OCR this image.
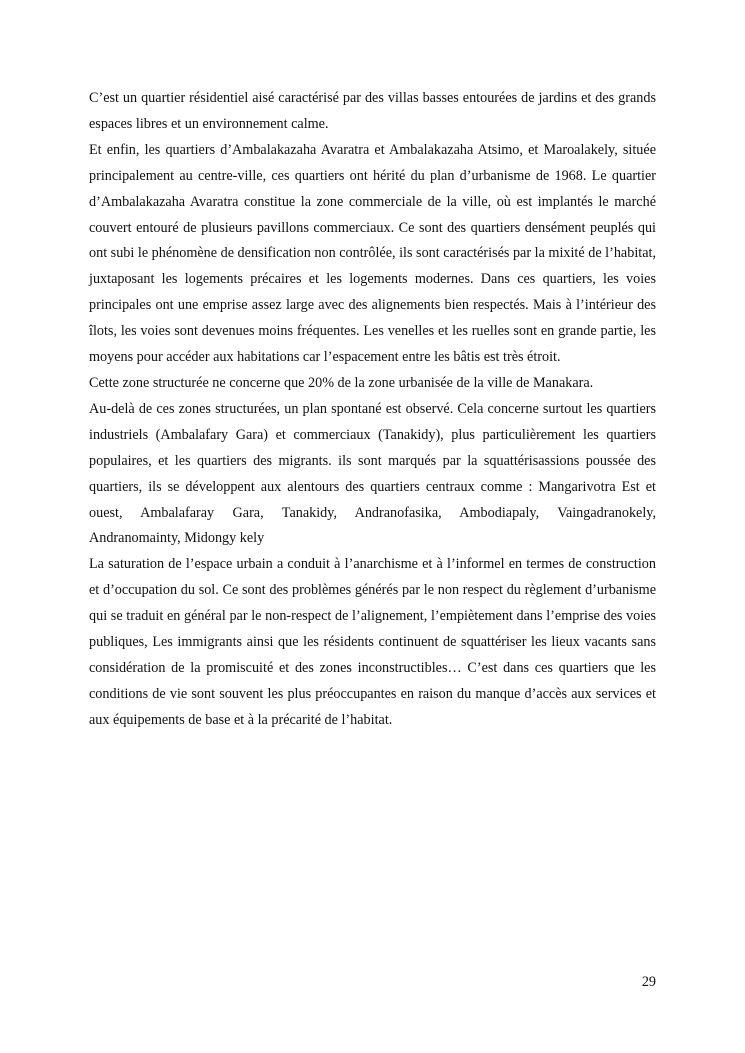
C’est un quartier résidentiel aisé caractérisé par des villas basses entourées de jardins et des grands espaces libres et un environnement calme.

Et enfin, les quartiers d’Ambalakazaha Avaratra et Ambalakazaha Atsimo, et Maroalakely, située principalement au centre-ville, ces quartiers ont hérité du plan d’urbanisme de 1968. Le quartier d’Ambalakazaha Avaratra constitue la zone commerciale de la ville, où est implantés le marché couvert entouré de plusieurs pavillons commerciaux. Ce sont des quartiers densément peuplés qui ont subi le phénomène de densification non contrôlée, ils sont caractérisés par la mixité de l’habitat, juxtaposant les logements précaires et les logements modernes. Dans ces quartiers, les voies principales ont une emprise assez large avec des alignements bien respectés. Mais à l’intérieur des îlots, les voies sont devenues moins fréquentes. Les venelles et les ruelles sont en grande partie, les moyens pour accéder aux habitations car l’espacement entre les bâtis est très étroit.

Cette zone structurée ne concerne que 20% de la zone urbanisée de la ville de Manakara.

Au-delà de ces zones structurées, un plan spontané est observé. Cela concerne surtout les quartiers industriels (Ambalafary Gara) et commerciaux (Tanakidy), plus particulièrement les quartiers populaires, et les quartiers des migrants. ils sont marqués par la squattérisassions poussée des quartiers, ils se développent aux alentours des quartiers centraux comme : Mangarivotra Est et ouest, Ambalafaray Gara, Tanakidy, Andranofasika, Ambodiapaly, Vaingadranokely, Andranomainty, Midongy kely

La saturation de l’espace urbain a conduit à l’anarchisme et à l’informel en termes de construction et d’occupation du sol. Ce sont des problèmes générés par le non respect du règlement d’urbanisme qui se traduit en général par le non-respect de l’alignement, l’empiètement dans l’emprise des voies publiques, Les immigrants ainsi que les résidents continuent de squattériser les lieux vacants sans considération de la promiscuité et des zones inconstructibles… C’est dans ces quartiers que les conditions de vie sont souvent les plus préoccupantes en raison du manque d’accès aux services et aux équipements de base et à la précarité de l’habitat.

29
